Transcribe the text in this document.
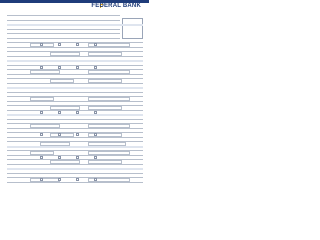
FEDERAL BANK
